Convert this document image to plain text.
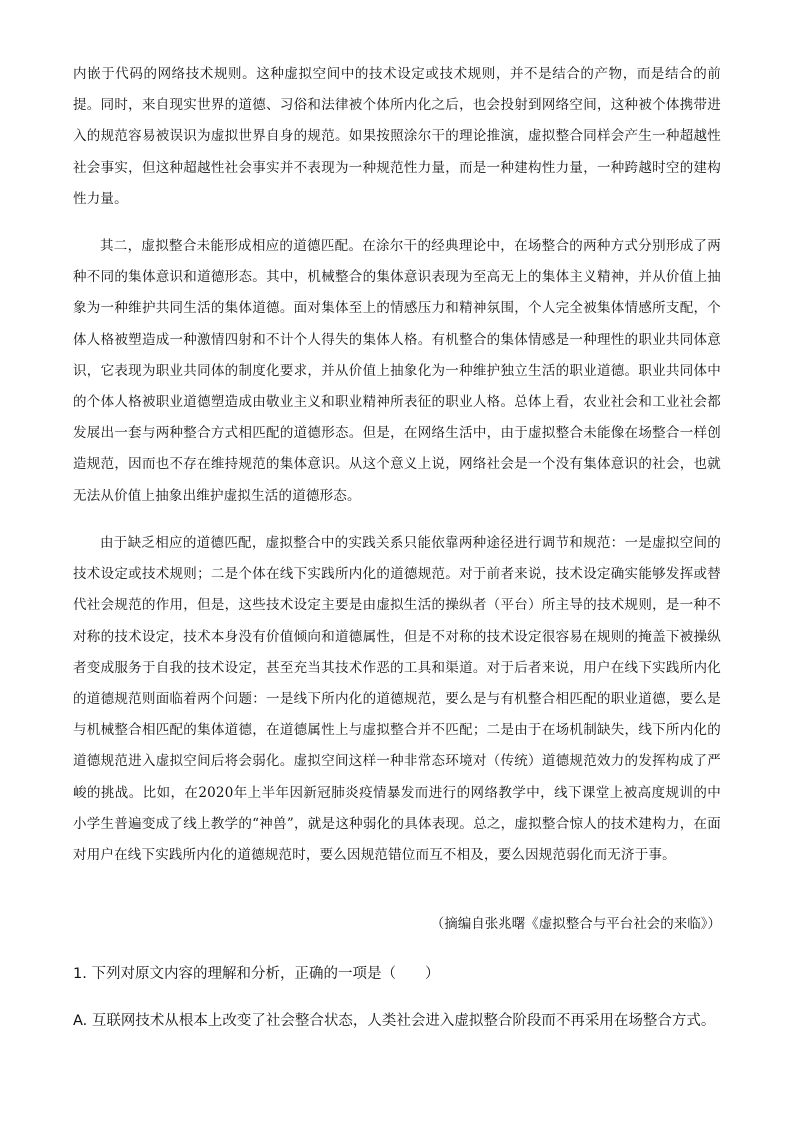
内嵌于代码的网络技术规则。这种虚拟空间中的技术设定或技术规则，并不是结合的产物，而是结合的前提。同时，来自现实世界的道德、习俗和法律被个体所内化之后，也会投射到网络空间，这种被个体携带进入的规范容易被误识为虚拟世界自身的规范。如果按照涂尔干的理论推演，虚拟整合同样会产生一种超越性社会事实，但这种超越性社会事实并不表现为一种规范性力量，而是一种建构性力量，一种跨越时空的建构性力量。

其二，虚拟整合未能形成相应的道德匹配。在涂尔干的经典理论中，在场整合的两种方式分别形成了两种不同的集体意识和道德形态。其中，机械整合的集体意识表现为至高无上的集体主义精神，并从价值上抽象为一种维护共同生活的集体道德。面对集体至上的情感压力和精神氛围，个人完全被集体情感所支配，个体人格被塑造成一种激情四射和不计个人得失的集体人格。有机整合的集体情感是一种理性的职业共同体意识，它表现为职业共同体的制度化要求，并从价值上抽象化为一种维护独立生活的职业道德。职业共同体中的个体人格被职业道德塑造成由敬业主义和职业精神所表征的职业人格。总体上看，农业社会和工业社会都发展出一套与两种整合方式相匹配的道德形态。但是，在网络生活中，由于虚拟整合未能像在场整合一样创造规范，因而也不存在维持规范的集体意识。从这个意义上说，网络社会是一个没有集体意识的社会，也就无法从价值上抽象出维护虚拟生活的道德形态。

由于缺乏相应的道德匹配，虚拟整合中的实践关系只能依靠两种途径进行调节和规范：一是虚拟空间的技术设定或技术规则；二是个体在线下实践所内化的道德规范。对于前者来说，技术设定确实能够发挥或替代社会规范的作用，但是，这些技术设定主要是由虚拟生活的操纵者（平台）所主导的技术规则，是一种不对称的技术设定，技术本身没有价值倾向和道德属性，但是不对称的技术设定很容易在规则的掩盖下被操纵者变成服务于自我的技术设定，甚至充当其技术作恶的工具和渠道。对于后者来说，用户在线下实践所内化的道德规范则面临着两个问题：一是线下所内化的道德规范，要么是与有机整合相匹配的职业道德，要么是与机械整合相匹配的集体道德，在道德属性上与虚拟整合并不匹配；二是由于在场机制缺失，线下所内化的道德规范进入虚拟空间后将会弱化。虚拟空间这样一种非常态环境对（传统）道德规范效力的发挥构成了严峻的挑战。比如，在2020年上半年因新冠肺炎疫情暴发而进行的网络教学中，线下课堂上被高度规训的中小学生普遍变成了线上教学的“神兽”，就是这种弱化的具体表现。总之，虚拟整合惊人的技术建构力，在面对用户在线下实践所内化的道德规范时，要么因规范错位而互不相及，要么因规范弱化而无济于事。

（摘编自张兆曙《虚拟整合与平台社会的来临》）

1. 下列对原文内容的理解和分析，正确的一项是（　　）

A. 互联网技术从根本上改变了社会整合状态，人类社会进入虚拟整合阶段而不再采用在场整合方式。
